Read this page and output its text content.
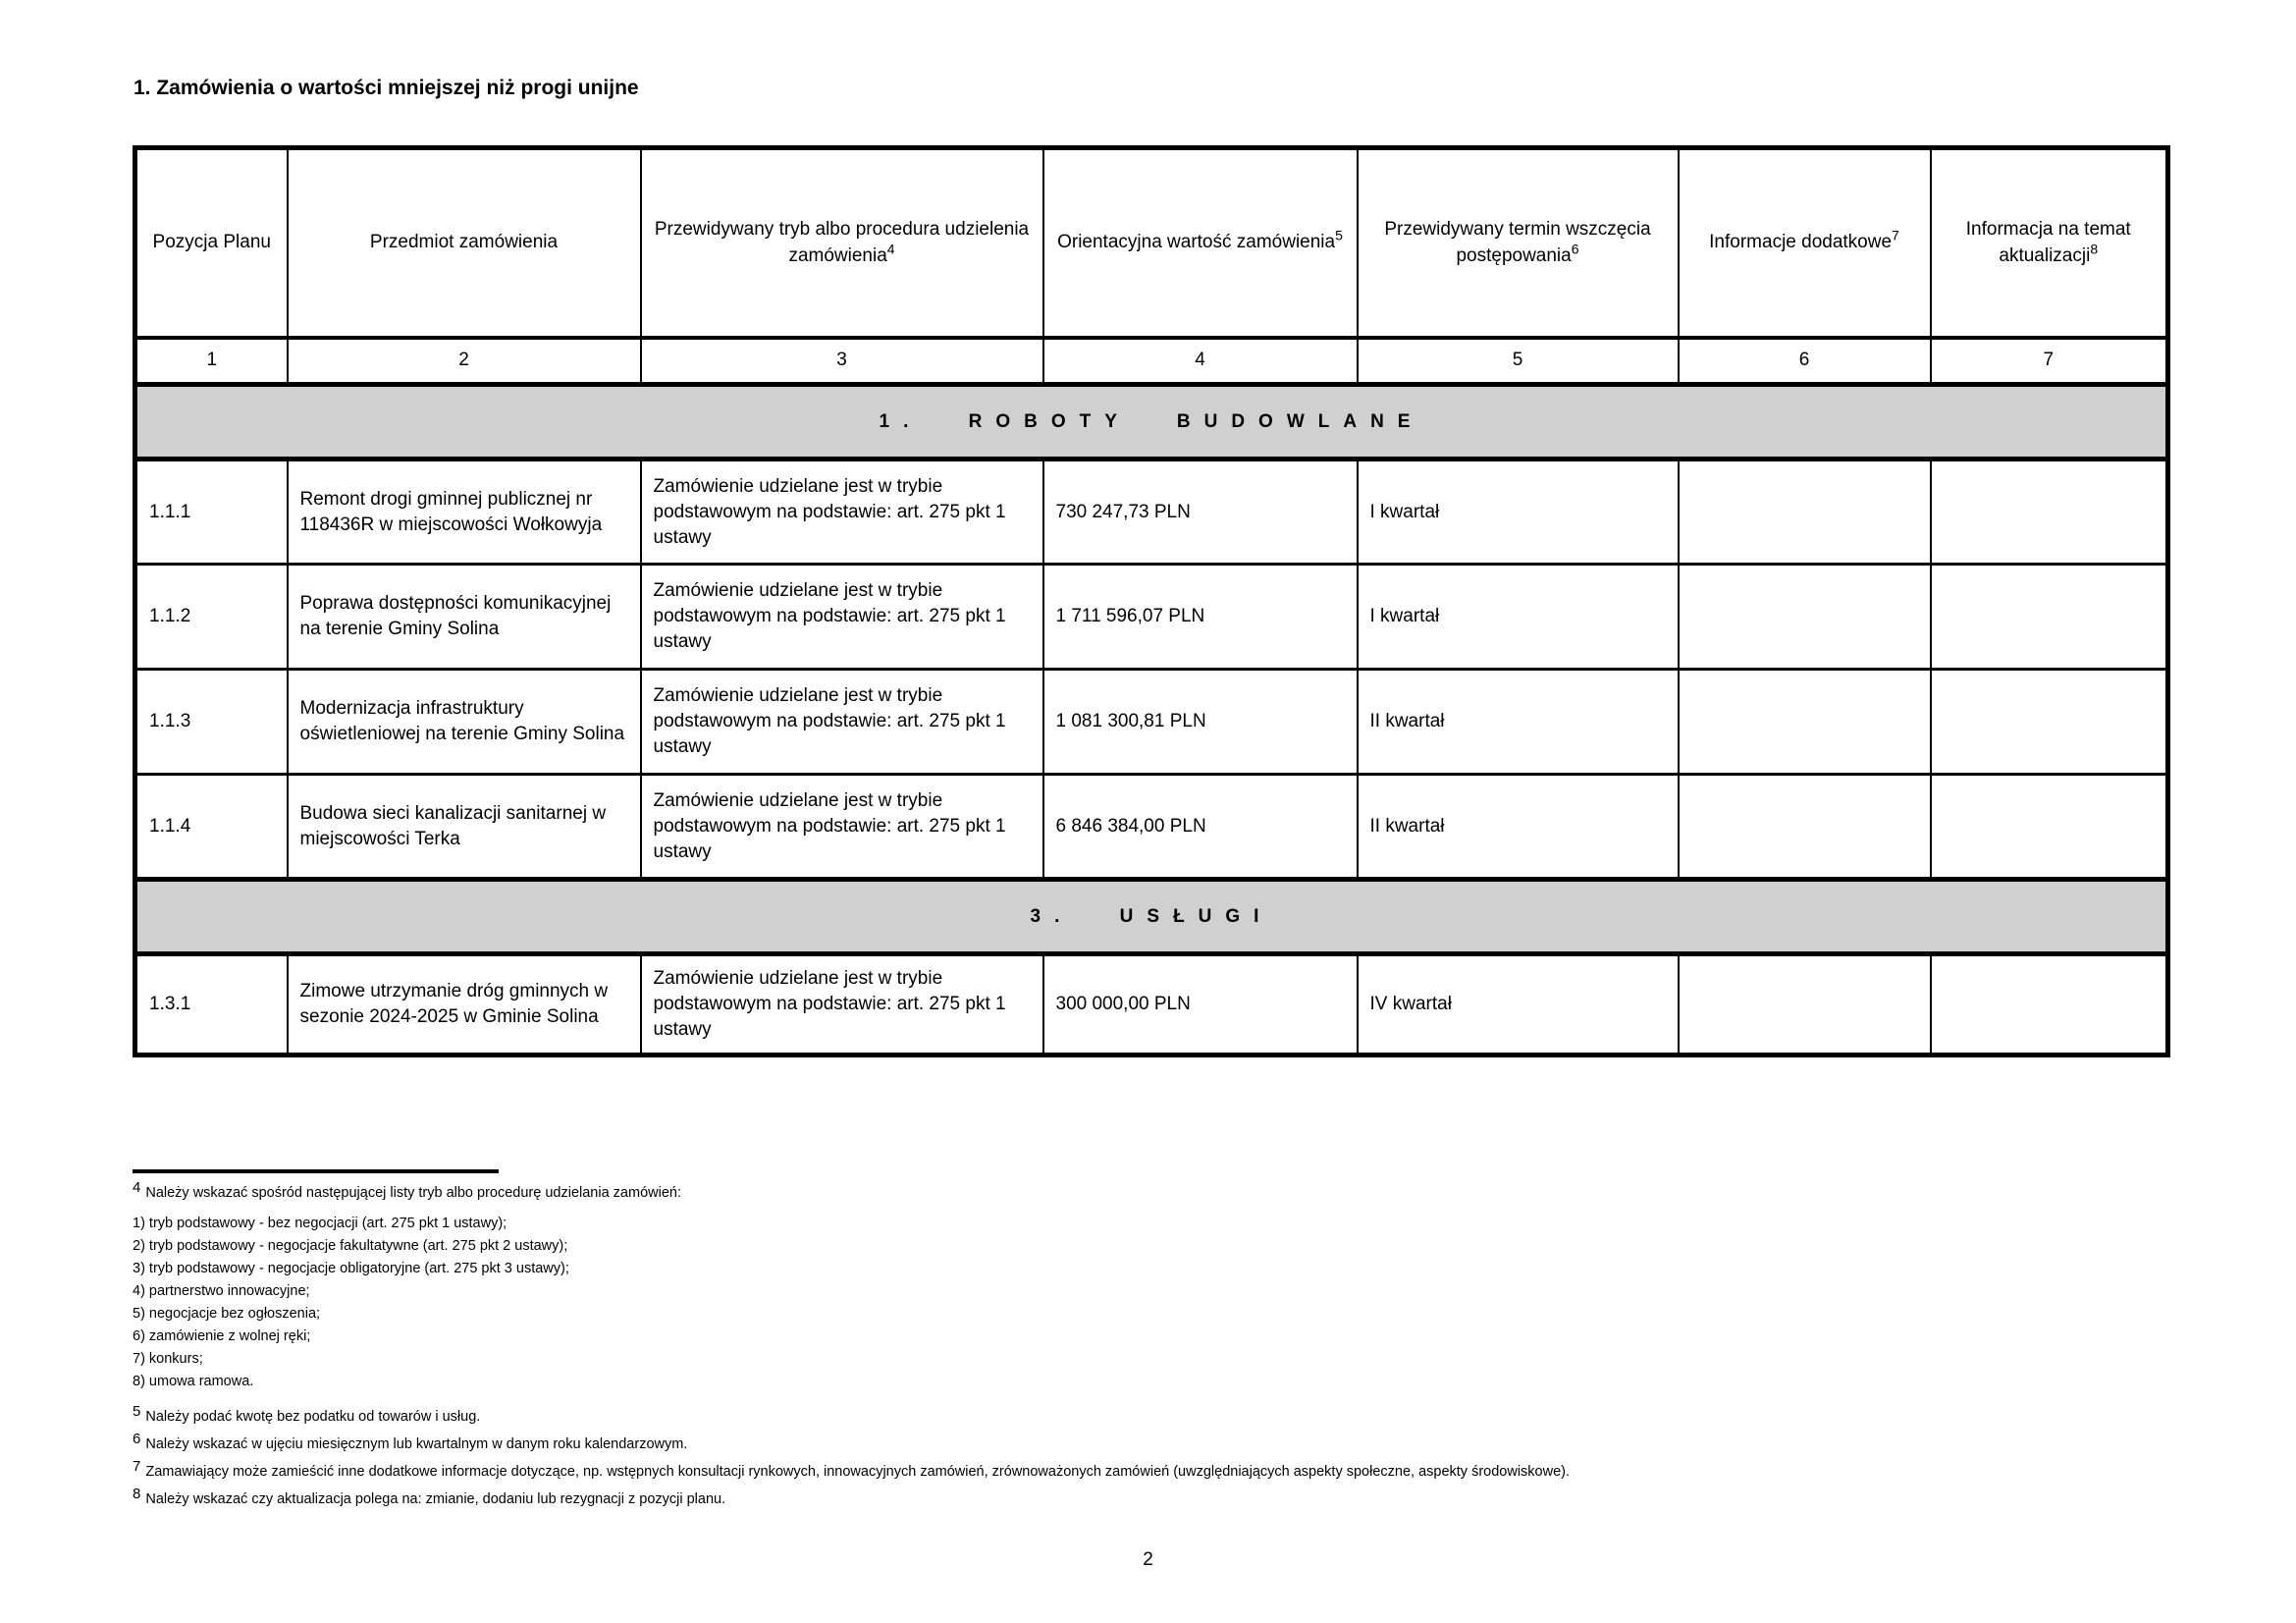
1. Zamówienia o wartości mniejszej niż progi unijne
Pozycja Planu	Przedmiot zamówienia	Przewidywany tryb albo procedura udzielenia zamówienia$^4$	Orientacyjna wartość zamówienia$^5$	Przewidywany termin wszczęcia postępowania$^6$	Informacje dodatkowe$^7$	Informacja na temat aktualizacji$^8$
1	2	3	4	5	6	7
1. ROBOTY BUDOWLANE						
1.1.1	Remont drogi gminnej publicznej nr 118436R w miejscowości Wołkowyja	Zamówienie udzielane jest w trybie podstawowym na podstawie: art. 275 pkt 1 ustawy	730 247,73 PLN	I kwartał		
1.1.2	Poprawa dostępności komunikacyjnej na terenie Gminy Solina	Zamówienie udzielane jest w trybie podstawowym na podstawie: art. 275 pkt 1 ustawy	1 711 596,07 PLN	I kwartał		
1.1.3	Modernizacja infrastruktury oświetleniowej na terenie Gminy Solina	Zamówienie udzielane jest w trybie podstawowym na podstawie: art. 275 pkt 1 ustawy	1 081 300,81 PLN	II kwartał		
1.1.4	Budowa sieci kanalizacji sanitarnej w miejscowości Terka	Zamówienie udzielane jest w trybie podstawowym na podstawie: art. 275 pkt 1 ustawy	6 846 384,00 PLN	II kwartał		
3. USŁUGI						
1.3.1	Zimowe utrzymanie dróg gminnych w sezonie 2024-2025 w Gminie Solina	Zamówienie udzielane jest w trybie podstawowym na podstawie: art. 275 pkt 1 ustawy	300 000,00 PLN	IV kwartał		
4 Należy wskazać spośród następującej listy tryb albo procedurę udzielania zamówień:
1) tryb podstawowy - bez negocjacji (art. 275 pkt 1 ustawy);
2) tryb podstawowy - negocjacje fakultatywne (art. 275 pkt 2 ustawy);
3) tryb podstawowy - negocjacje obligatoryjne (art. 275 pkt 3 ustawy);
4) partnerstwo innowacyjne;
5) negocjacje bez ogłoszenia;
6) zamówienie z wolnej ręki;
7) konkurs;
8) umowa ramowa.
5 Należy podać kwotę bez podatku od towarów i usług.
6 Należy wskazać w ujęciu miesięcznym lub kwartalnym w danym roku kalendarzowym.
7 Zamawiający może zamieścić inne dodatkowe informacje dotyczące, np. wstępnych konsultacji rynkowych, innowacyjnych zamówień, zrównoważonych zamówień (uwzględniających aspekty społeczne, aspekty środowiskowe).
8 Należy wskazać czy aktualizacja polega na: zmianie, dodaniu lub rezygnacji z pozycji planu.
2
